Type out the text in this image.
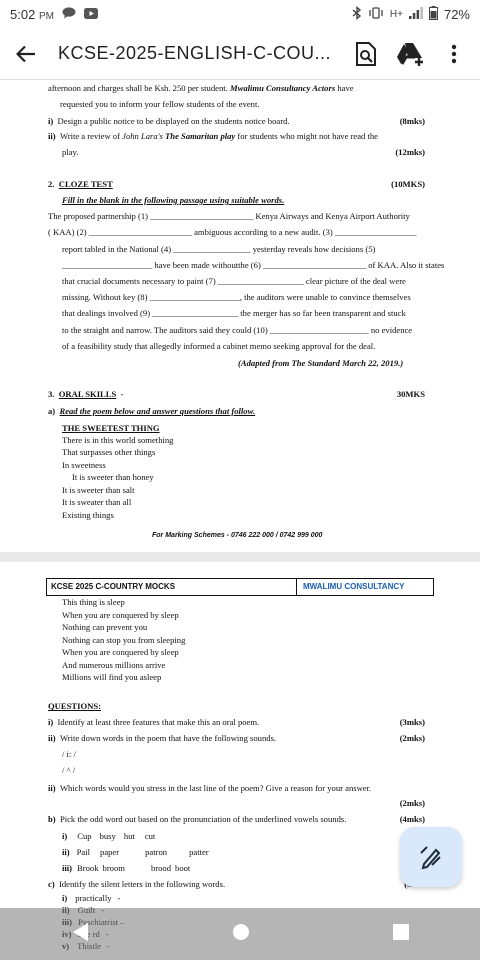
5:02 PM	H+	72%
KCSE-2025-ENGLISH-C-COU...
afternoon and charges shall be Ksh. 250 per student. Mwalimu Consultancy Actors have
requested you to inform your fellow students of the event.
i) Design a public notice to be displayed on the students notice board.	(8mks)
ii) Write a review of John Lara's The Samaritan play for students who might not have read the
play.	(12mks)
2. CLOZE TEST	(10MKS)
Fill in the blank in the following passage using suitable words.
The proposed partnership (1) ________________________ Kenya Airways and Kenya Airport Authority
( KAA) (2) ________________________ ambiguous according to a new audit. (3) ___________________
report tabled in the National (4) __________________ yesterday reveals how decisions (5)
_____________________ have been made withoutthe (6) ________________________ of KAA. Also it states
that crucial documents necessary to paint (7) ____________________ clear picture of the deal were
missing. Without key (8) _____________________, the auditors were unable to convince themselves
that dealings involved (9) ____________________ the merger has so far been transparent and stuck
to the straight and narrow. The auditors said they could (10) _______________________ no evidence
of a feasibility study that allegedly informed a cabinet memo seeking approval for the deal.
(Adapted from The Standard March 22, 2019.)
3. ORAL SKILLS -	30MKS
a) Read the poem below and answer questions that follow.
THE SWEETEST THING
There is in this world something
That surpasses other things
In sweetness
It is sweeter than honey
It is sweeter than salt
It is sweater than all
Existing things
For Marking Schemes - 0746 222 000 / 0742 999 000
KCSE 2025 C-COUNTRY MOCKS	MWALIMU CONSULTANCY
This thing is sleep
When you are conquered by sleep
Nothing can prevent you
Nothing can stop you from sleeping
When you are conquered by sleep
And numerous millions arrive
Millions will find you asleep
QUESTIONS:
i) Identify at least three features that make this an oral poem.	(3mks)
ii) Write down words in the poem that have the following sounds.	(2mks)
/ i: /
/ ^ /
ii) Which words would you stress in the last line of the poem? Give a reason for your answer.
(2mks)
b) Pick the odd word out based on the pronunciation of the underlined vowels sounds.	(4mks)
i) Cup busy hut cut
ii) Pail paper	patron	patter
iii) Brook broom	brood boot
c) Identify the silent letters in the following words.
i) practically -
